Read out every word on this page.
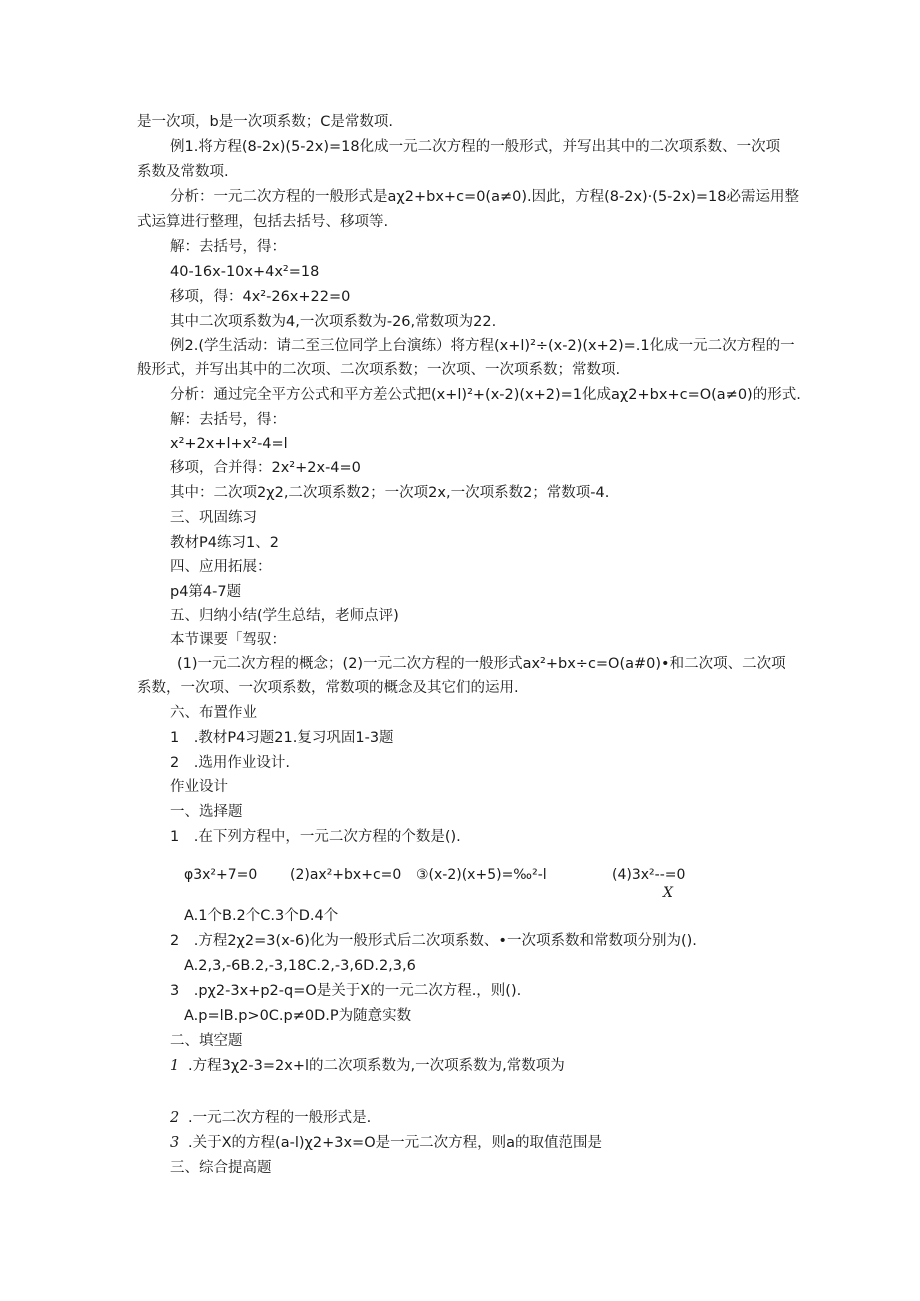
是一次项，b是一次项系数；C是常数项.

例1.将方程(8-2x)(5-2x)=18化成一元二次方程的一般形式，并写出其中的二次项系数、一次项

系数及常数项.

分析：一元二次方程的一般形式是aχ2+bx+c=0(a≠0).因此，方程(8-2x)·(5-2x)=18必需运用整

式运算进行整理，包括去括号、移项等.

解：去括号，得：

40-16x-10x+4x²=18

移项，得：4x²-26x+22=0

其中二次项系数为4,一次项系数为-26,常数项为22.

例2.(学生活动：请二至三位同学上台演练）将方程(x+l)²÷(x-2)(x+2)=.1化成一元二次方程的一

般形式，并写出其中的二次项、二次项系数；一次项、一次项系数；常数项.

分析：通过完全平方公式和平方差公式把(x+l)²+(x-2)(x+2)=1化成aχ2+bx+c=O(a≠0)的形式.

解：去括号，得：

x²+2x+l+x²-4=l

移项，合并得：2x²+2x-4=0

其中：二次项2χ2,二次项系数2；一次项2x,一次项系数2；常数项-4.

三、巩固练习

教材P4练习1、2

四、应用拓展：

p4第4-7题

五、归纳小结(学生总结，老师点评)

本节课要「驾驭：

(1)一元二次方程的概念；(2)一元二次方程的一般形式ax²+bx÷c=O(a#0)•和二次项、二次项

系数，一次项、一次项系数，常数项的概念及其它们的运用.

六、布置作业

1　.教材P4习题21.复习巩固1-3题

2　.选用作业设计.

作业设计

一、选择题

1　.在下列方程中，一元二次方程的个数是().

φ3x²+7=0 (2)ax²+bx+c=0 ③(x-2)(x+5)=‰²-l	(4)3x²--=0
X

A.1个B.2个C.3个D.4个

2　.方程2χ2=3(x-6)化为一般形式后二次项系数、•一次项系数和常数项分别为().

A.2,3,-6B.2,-3,18C.2,-3,6D.2,3,6

3　.pχ2-3x+p2-q=O是关于X的一元二次方程.，则().

A.p=lB.p>0C.p≠0D.P为随意实数

二、填空题

1 .方程3χ2-3=2x+l的二次项系数为,一次项系数为,常数项为

2 .一元二次方程的一般形式是.

3 .关于X的方程(a-l)χ2+3x=O是一元二次方程，则a的取值范围是

三、综合提高题
